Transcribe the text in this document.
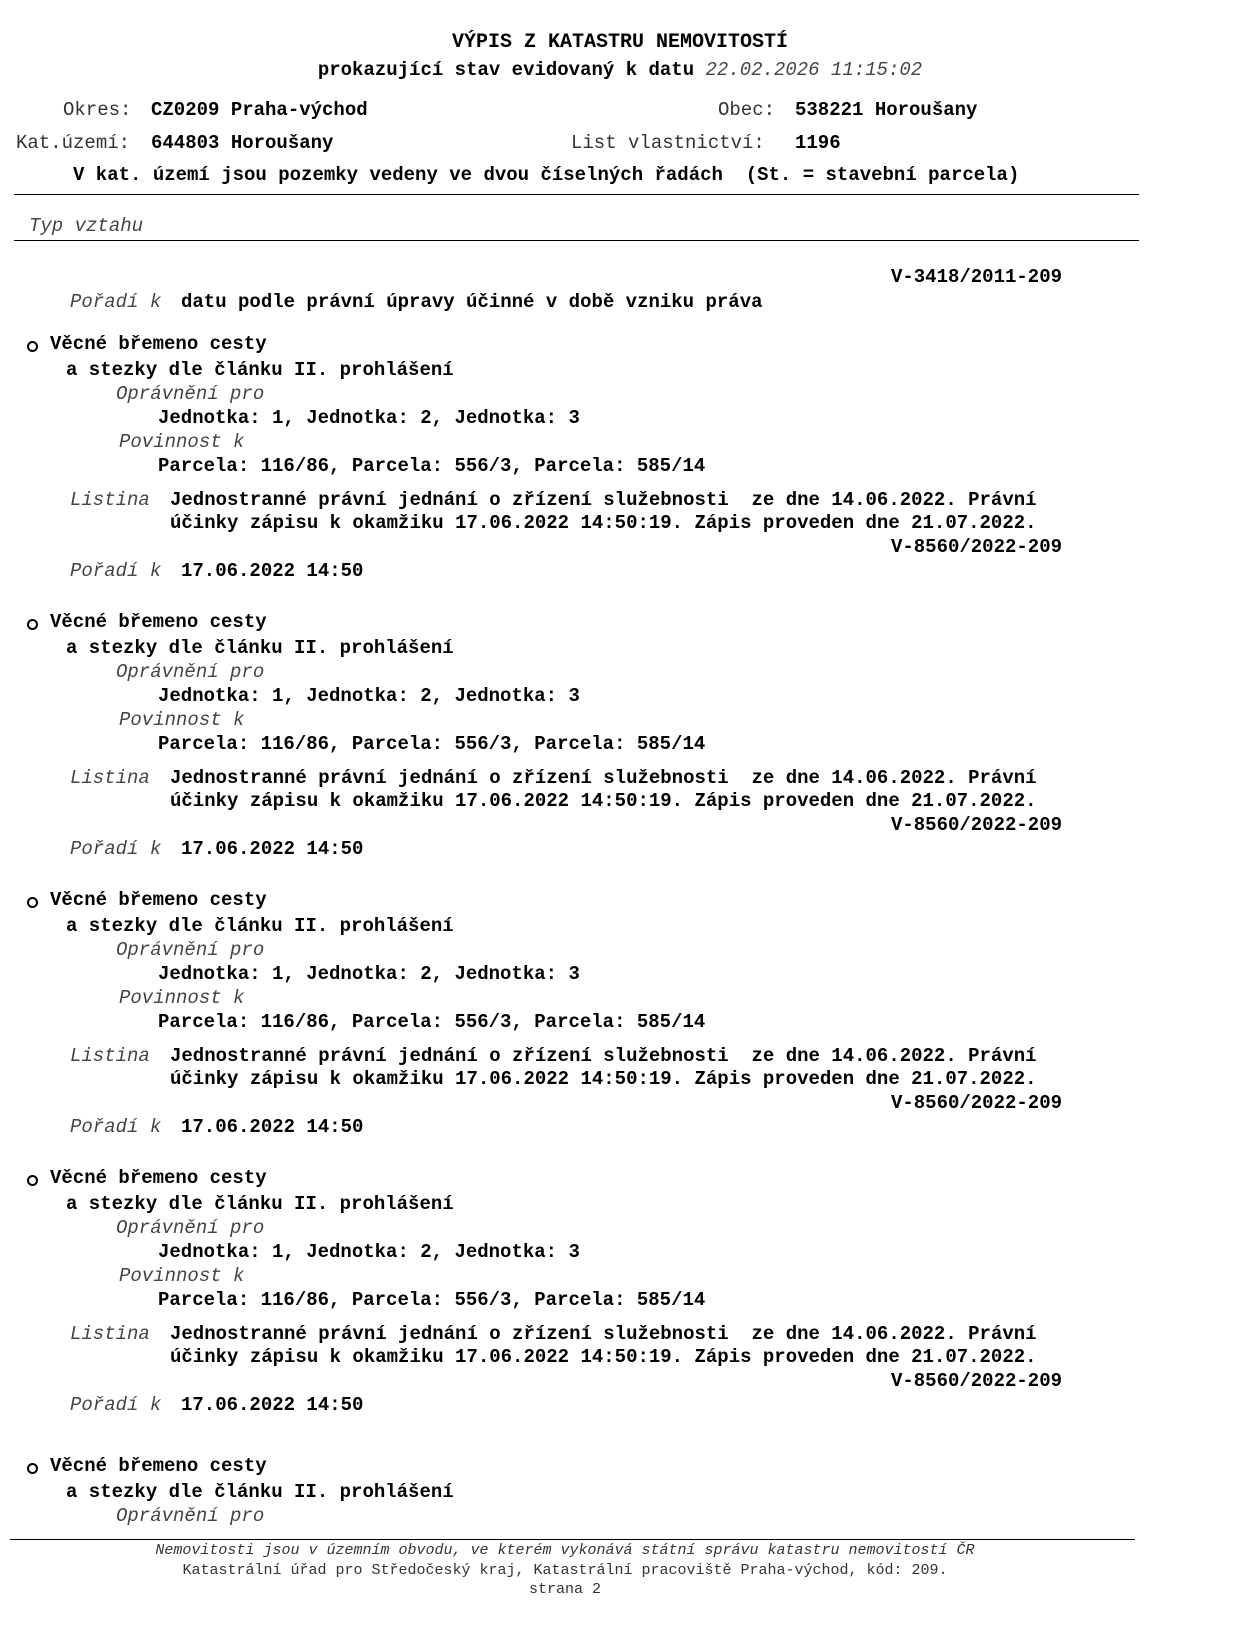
VÝPIS Z KATASTRU NEMOVITOSTÍ
prokazující stav evidovaný k datu 22.02.2026 11:15:02
Okres: CZ0209 Praha-východ	Obec: 538221 Horoušany
Kat.území: 644803 Horoušany	List vlastnictví: 1196
V kat. území jsou pozemky vedeny ve dvou číselných řadách  (St. = stavební parcela)
Typ vztahu
V-3418/2011-209
Pořadí k datu podle právní úpravy účinné v době vzniku práva
Věcné břemeno cesty
a stezky dle článku II. prohlášení
Oprávnění pro
Jednotka: 1, Jednotka: 2, Jednotka: 3
Povinnost k
Parcela: 116/86, Parcela: 556/3, Parcela: 585/14
Listina Jednostranné právní jednání o zřízení služebnosti  ze dne 14.06.2022. Právní
účinky zápisu k okamžiku 17.06.2022 14:50:19. Zápis proveden dne 21.07.2022.
V-8560/2022-209
Pořadí k 17.06.2022 14:50
Věcné břemeno cesty
a stezky dle článku II. prohlášení
Oprávnění pro
Jednotka: 1, Jednotka: 2, Jednotka: 3
Povinnost k
Parcela: 116/86, Parcela: 556/3, Parcela: 585/14
Listina Jednostranné právní jednání o zřízení služebnosti  ze dne 14.06.2022. Právní
účinky zápisu k okamžiku 17.06.2022 14:50:19. Zápis proveden dne 21.07.2022.
V-8560/2022-209
Pořadí k 17.06.2022 14:50
Věcné břemeno cesty
a stezky dle článku II. prohlášení
Oprávnění pro
Jednotka: 1, Jednotka: 2, Jednotka: 3
Povinnost k
Parcela: 116/86, Parcela: 556/3, Parcela: 585/14
Listina Jednostranné právní jednání o zřízení služebnosti  ze dne 14.06.2022. Právní
účinky zápisu k okamžiku 17.06.2022 14:50:19. Zápis proveden dne 21.07.2022.
V-8560/2022-209
Pořadí k 17.06.2022 14:50
Věcné břemeno cesty
a stezky dle článku II. prohlášení
Oprávnění pro
Jednotka: 1, Jednotka: 2, Jednotka: 3
Povinnost k
Parcela: 116/86, Parcela: 556/3, Parcela: 585/14
Listina Jednostranné právní jednání o zřízení služebnosti  ze dne 14.06.2022. Právní
účinky zápisu k okamžiku 17.06.2022 14:50:19. Zápis proveden dne 21.07.2022.
V-8560/2022-209
Pořadí k 17.06.2022 14:50
Věcné břemeno cesty
a stezky dle článku II. prohlášení
Oprávnění pro
Nemovitosti jsou v územním obvodu, ve kterém vykonává státní správu katastru nemovitostí ČR
Katastrální úřad pro Středočeský kraj, Katastrální pracoviště Praha-východ, kód: 209.
strana 2
